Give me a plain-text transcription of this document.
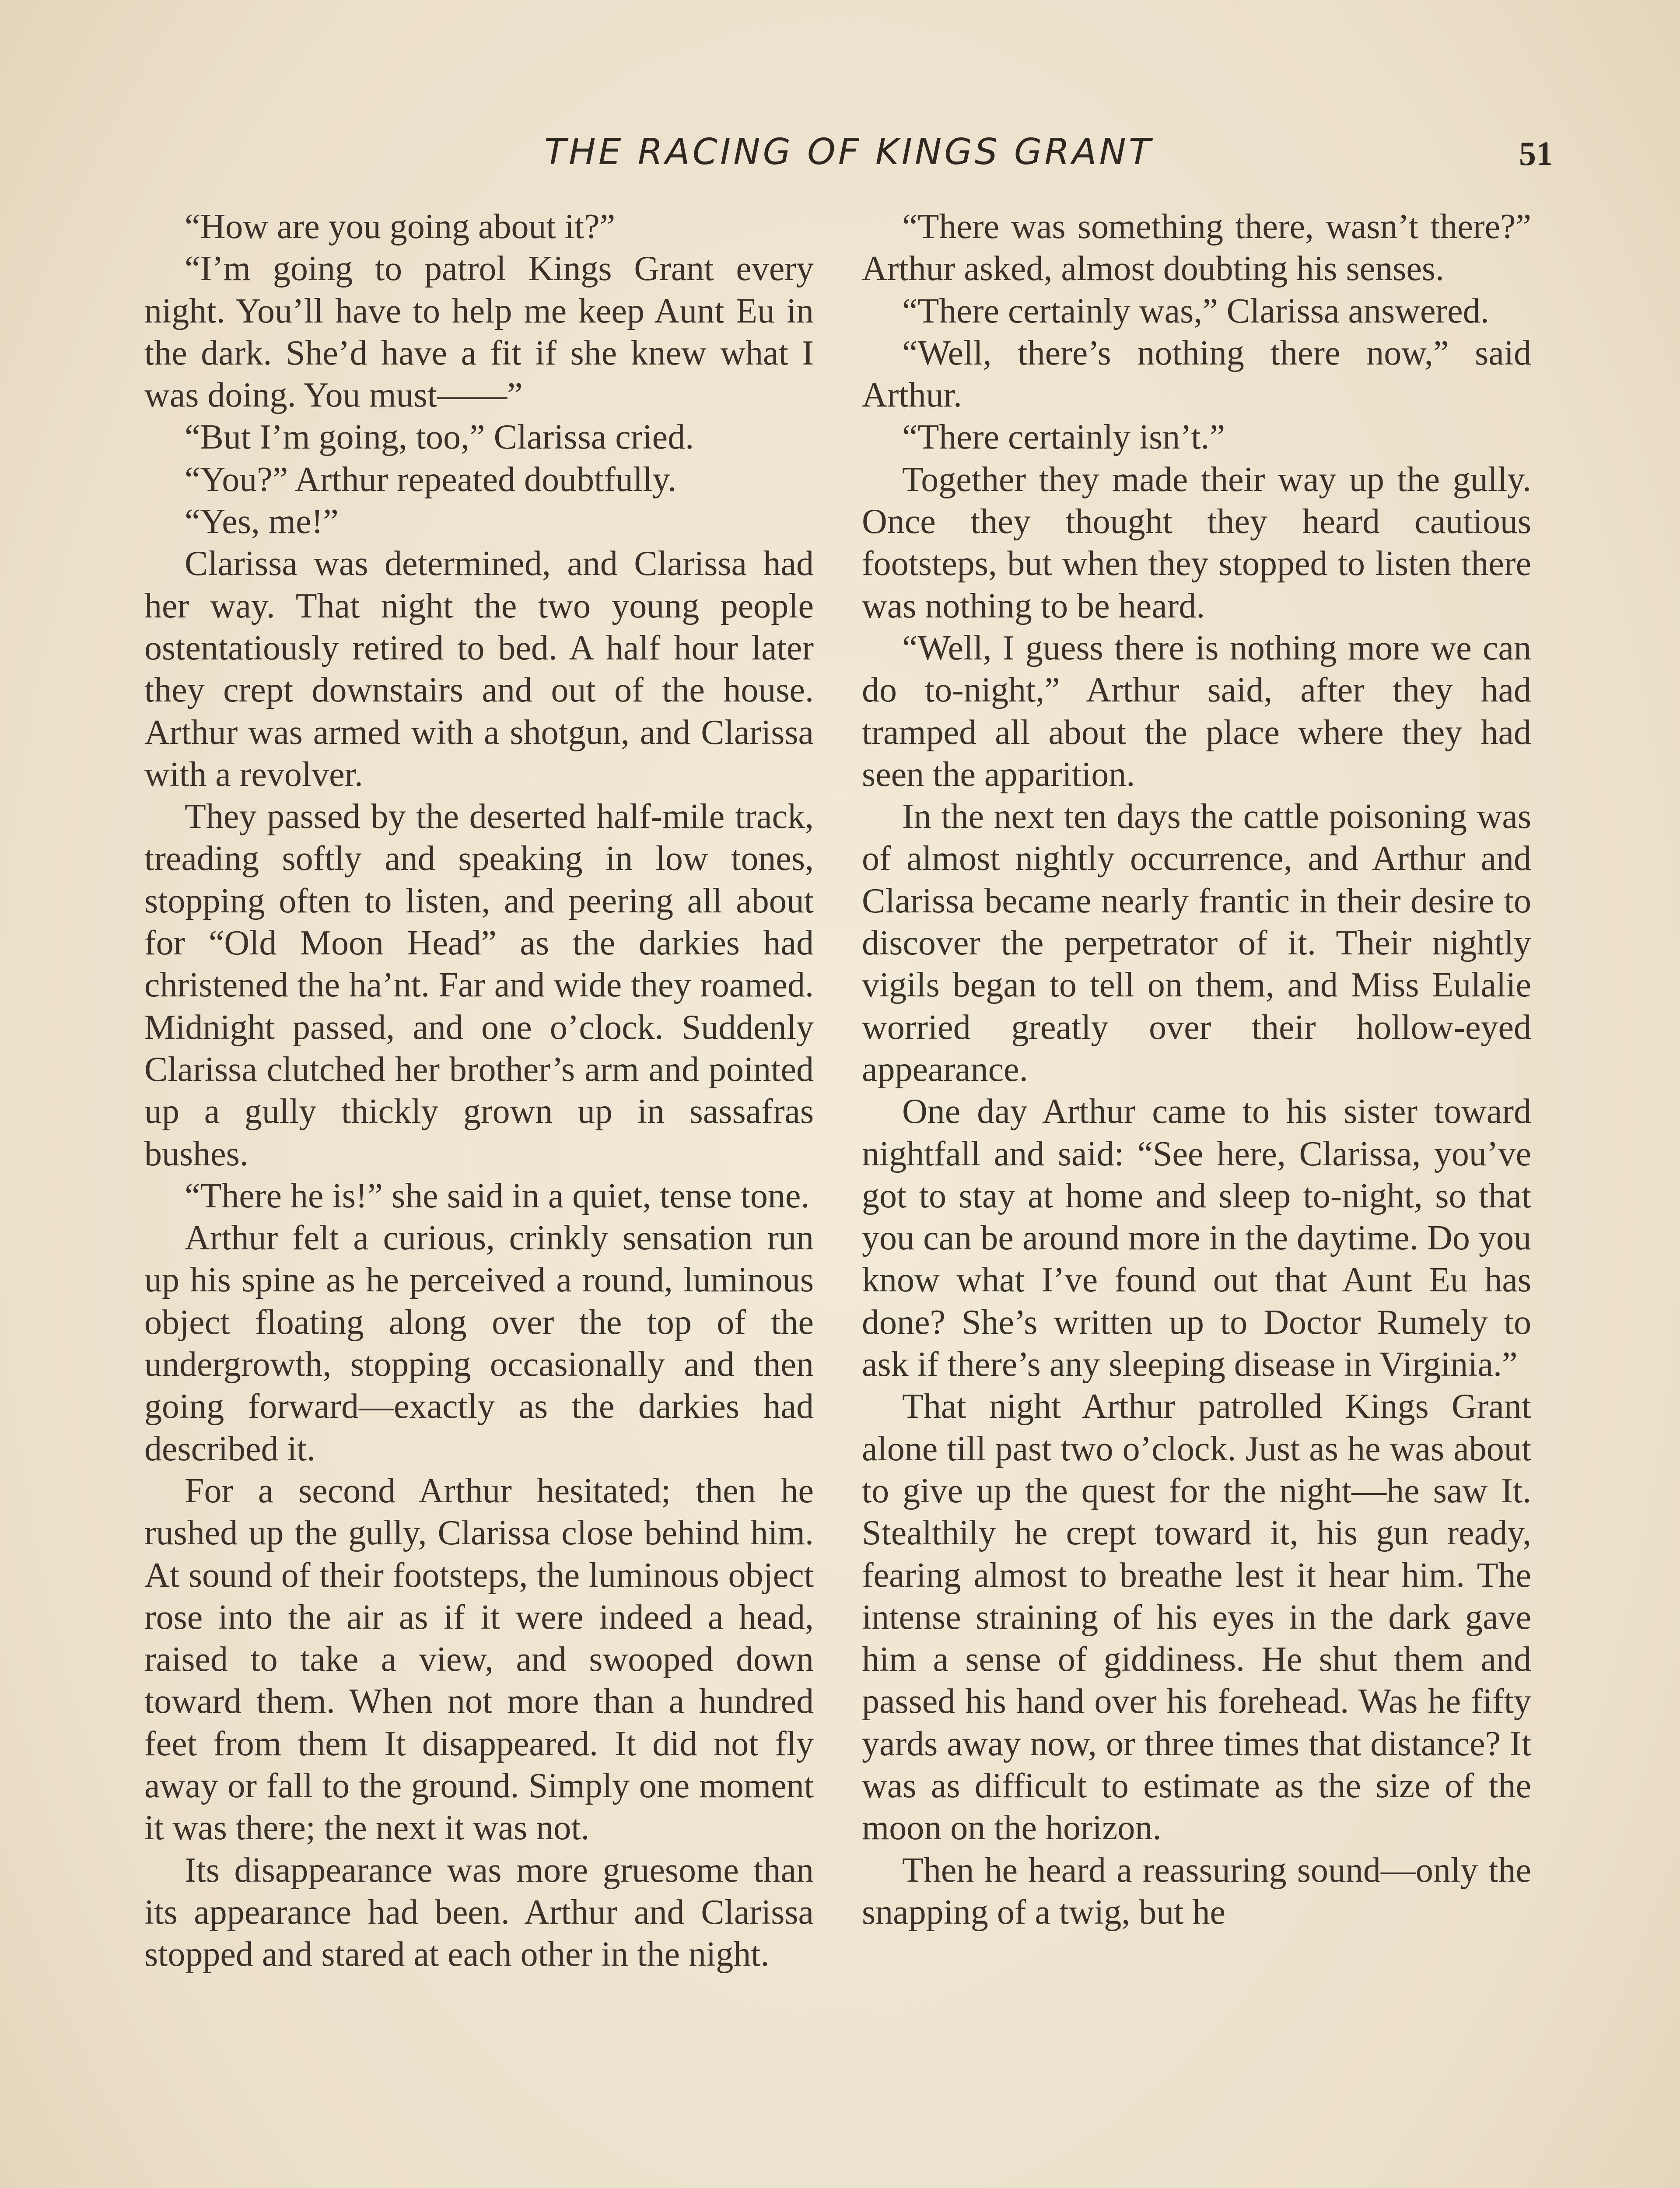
THE RACING OF KINGS GRANT	51

“How are you going about it?”

“I’m going to patrol Kings Grant every night. You’ll have to help me keep Aunt Eu in the dark. She’d have a fit if she knew what I was doing. You must——”

“But I’m going, too,” Clarissa cried.

“You?” Arthur repeated doubtfully.

“Yes, me!”

Clarissa was determined, and Clarissa had her way. That night the two young people ostentatiously retired to bed. A half hour later they crept downstairs and out of the house. Arthur was armed with a shotgun, and Clarissa with a revolver.

They passed by the deserted half-mile track, treading softly and speaking in low tones, stopping often to listen, and peering all about for “Old Moon Head” as the darkies had christened the ha’nt. Far and wide they roamed. Midnight passed, and one o’clock. Suddenly Clarissa clutched her brother’s arm and pointed up a gully thickly grown up in sassafras bushes.

“There he is!” she said in a quiet, tense tone.

Arthur felt a curious, crinkly sensation run up his spine as he perceived a round, luminous object floating along over the top of the undergrowth, stopping occasionally and then going forward—exactly as the darkies had described it.

For a second Arthur hesitated; then he rushed up the gully, Clarissa close behind him. At sound of their footsteps, the luminous object rose into the air as if it were indeed a head, raised to take a view, and swooped down toward them. When not more than a hundred feet from them It disappeared. It did not fly away or fall to the ground. Simply one moment it was there; the next it was not.

Its disappearance was more gruesome than its appearance had been. Arthur and Clarissa stopped and stared at each other in the night.

“There was something there, wasn’t there?” Arthur asked, almost doubting his senses.

“There certainly was,” Clarissa answered.

“Well, there’s nothing there now,” said Arthur.

“There certainly isn’t.”

Together they made their way up the gully. Once they thought they heard cautious footsteps, but when they stopped to listen there was nothing to be heard.

“Well, I guess there is nothing more we can do to-night,” Arthur said, after they had tramped all about the place where they had seen the apparition.

In the next ten days the cattle poisoning was of almost nightly occurrence, and Arthur and Clarissa became nearly frantic in their desire to discover the perpetrator of it. Their nightly vigils began to tell on them, and Miss Eulalie worried greatly over their hollow-eyed appearance.

One day Arthur came to his sister toward nightfall and said: “See here, Clarissa, you’ve got to stay at home and sleep to-night, so that you can be around more in the daytime. Do you know what I’ve found out that Aunt Eu has done? She’s written up to Doctor Rumely to ask if there’s any sleeping disease in Virginia.”

That night Arthur patrolled Kings Grant alone till past two o’clock. Just as he was about to give up the quest for the night—he saw It. Stealthily he crept toward it, his gun ready, fearing almost to breathe lest it hear him. The intense straining of his eyes in the dark gave him a sense of giddiness. He shut them and passed his hand over his forehead. Was he fifty yards away now, or three times that distance? It was as difficult to estimate as the size of the moon on the horizon.

Then he heard a reassuring sound—only the snapping of a twig, but he
